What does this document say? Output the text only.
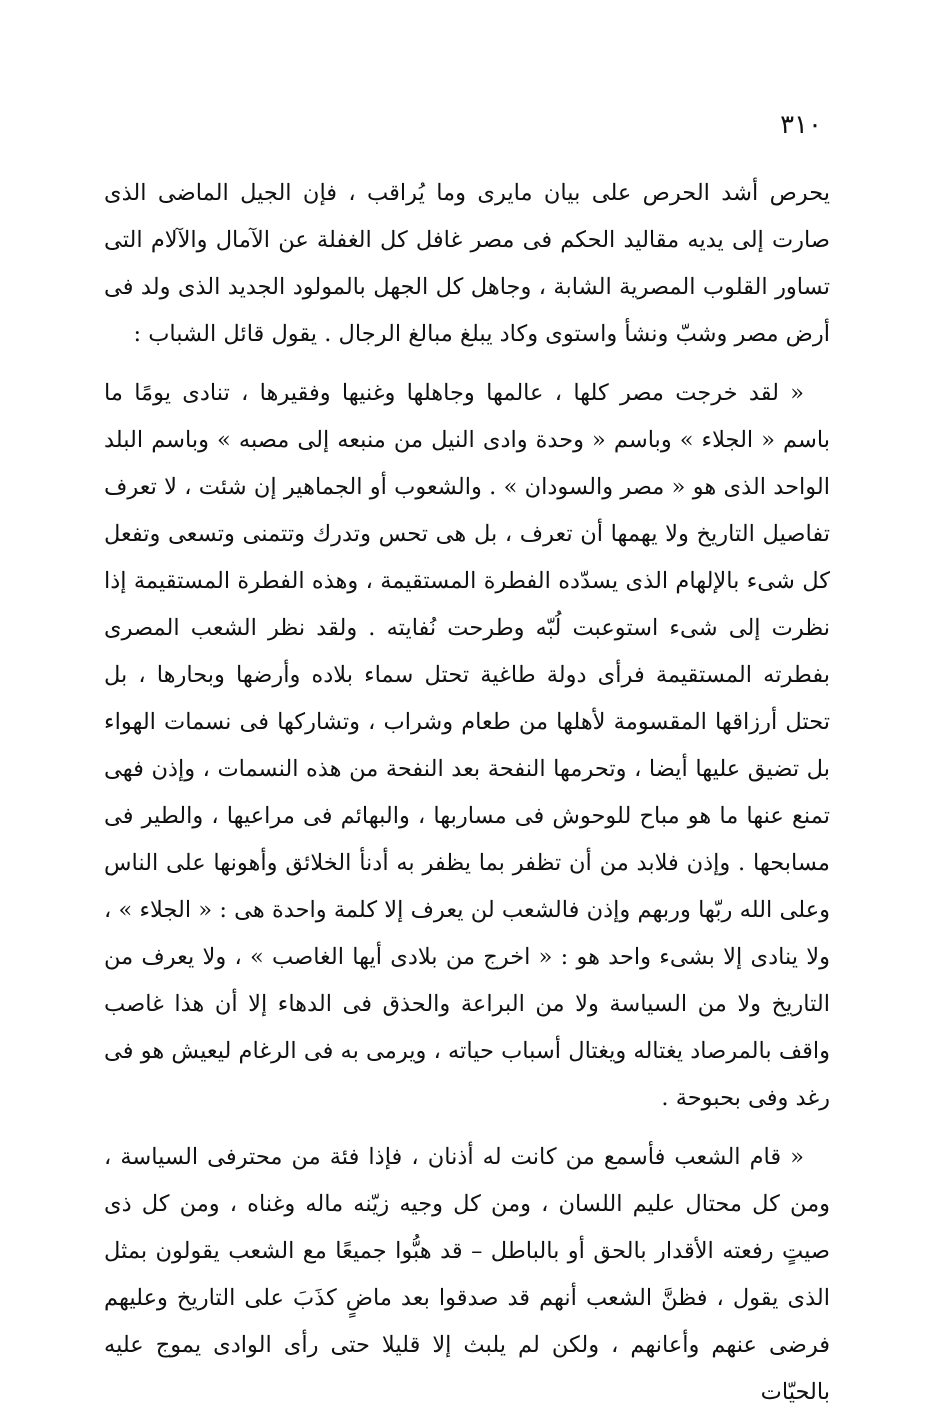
٣١٠

يحرص أشد الحرص على بيان مايرى وما يُراقب ، فإن الجيل الماضى الذى صارت إلى يديه مقاليد الحكم فى مصر غافل كل الغفلة عن الآمال والآلام التى تساور القلوب المصرية الشابة ، وجاهل كل الجهل بالمولود الجديد الذى ولد فى أرض مصر وشبّ ونشأ واستوى وكاد يبلغ مبالغ الرجال . يقول قائل الشباب :

« لقد خرجت مصر كلها ، عالمها وجاهلها وغنيها وفقيرها ، تنادى يومًا ما باسم « الجلاء » وباسم « وحدة وادى النيل من منبعه إلى مصبه » وباسم البلد الواحد الذى هو « مصر والسودان » . والشعوب أو الجماهير إن شئت ، لا تعرف تفاصيل التاريخ ولا يهمها أن تعرف ، بل هى تحس وتدرك وتتمنى وتسعى وتفعل كل شىء بالإلهام الذى يسدّده الفطرة المستقيمة ، وهذه الفطرة المستقيمة إذا نظرت إلى شىء استوعبت لُبّه وطرحت نُفايته . ولقد نظر الشعب المصرى بفطرته المستقيمة فرأى دولة طاغية تحتل سماء بلاده وأرضها وبحارها ، بل تحتل أرزاقها المقسومة لأهلها من طعام وشراب ، وتشاركها فى نسمات الهواء بل تضيق عليها أيضا ، وتحرمها النفحة بعد النفحة من هذه النسمات ، وإذن فهى تمنع عنها ما هو مباح للوحوش فى مساربها ، والبهائم فى مراعيها ، والطير فى مسابحها . وإذن فلابد من أن تظفر بما يظفر به أدنأ الخلائق وأهونها على الناس وعلى الله ربّها وربهم وإذن فالشعب لن يعرف إلا كلمة واحدة هى : « الجلاء » ، ولا ينادى إلا بشىء واحد هو : « اخرج من بلادى أيها الغاصب » ، ولا يعرف من التاريخ ولا من السياسة ولا من البراعة والحذق فى الدهاء إلا أن هذا غاصب واقف بالمرصاد يغتاله ويغتال أسباب حياته ، ويرمى به فى الرغام ليعيش هو فى رغد وفى بحبوحة .

« قام الشعب فأسمع من كانت له أذنان ، فإذا فئة من محترفى السياسة ، ومن كل محتال عليم اللسان ، ومن كل وجيه زيّنه ماله وغناه ، ومن كل ذى صيتٍ رفعته الأقدار بالحق أو بالباطل – قد هبُّوا جميعًا مع الشعب يقولون بمثل الذى يقول ، فظنَّ الشعب أنهم قد صدقوا بعد ماضٍ كذَبَ على التاريخ وعليهم فرضى عنهم وأعانهم ، ولكن لم يلبث إلا قليلا حتى رأى الوادى يموج عليه بالحيّات
